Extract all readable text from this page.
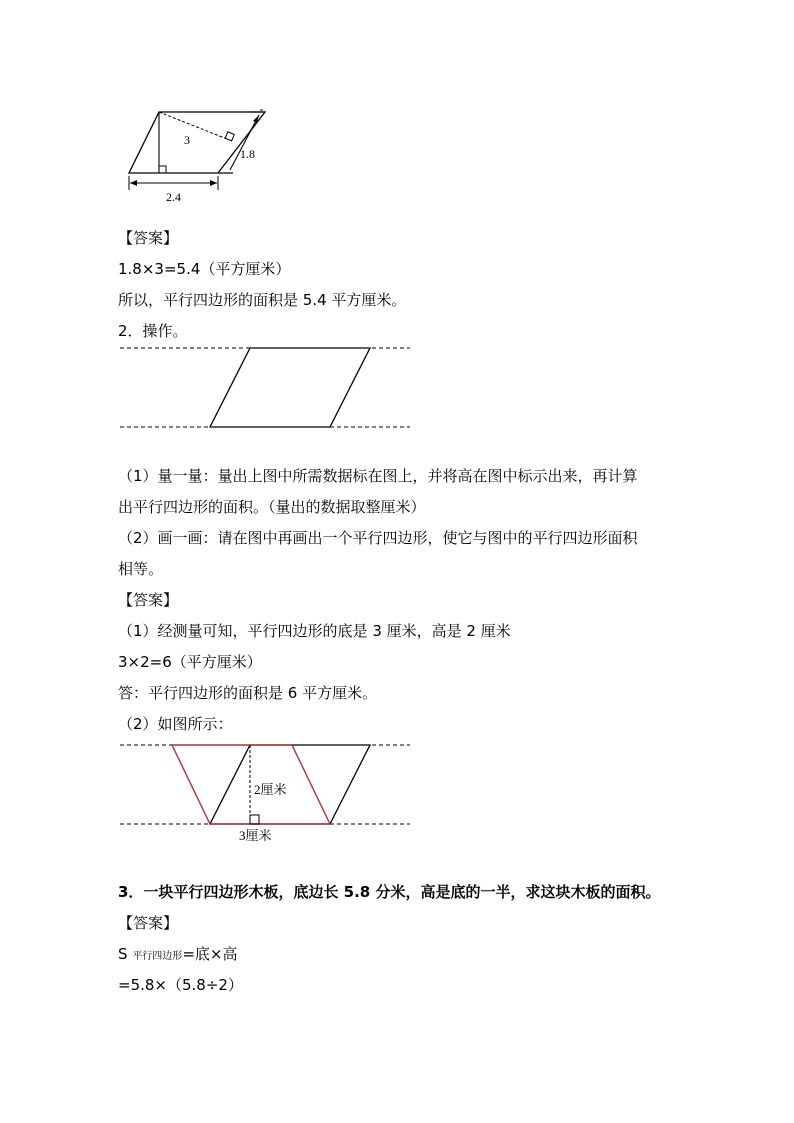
3
1.8
2.4
【答案】
1.8×3=5.4（平方厘米）
所以，平行四边形的面积是 5.4 平方厘米。
2．操作。
（1）量一量：量出上图中所需数据标在图上，并将高在图中标示出来，再计算
出平行四边形的面积。（量出的数据取整厘米）
（2）画一画：请在图中再画出一个平行四边形，使它与图中的平行四边形面积
相等。
【答案】
（1）经测量可知，平行四边形的底是 3 厘米，高是 2 厘米
3×2=6（平方厘米）
答：平行四边形的面积是 6 平方厘米。
（2）如图所示：
2厘米
3厘米
3．一块平行四边形木板，底边长 5.8 分米，高是底的一半，求这块木板的面积。
【答案】
S 平行四边形=底×高
=5.8×（5.8÷2）
